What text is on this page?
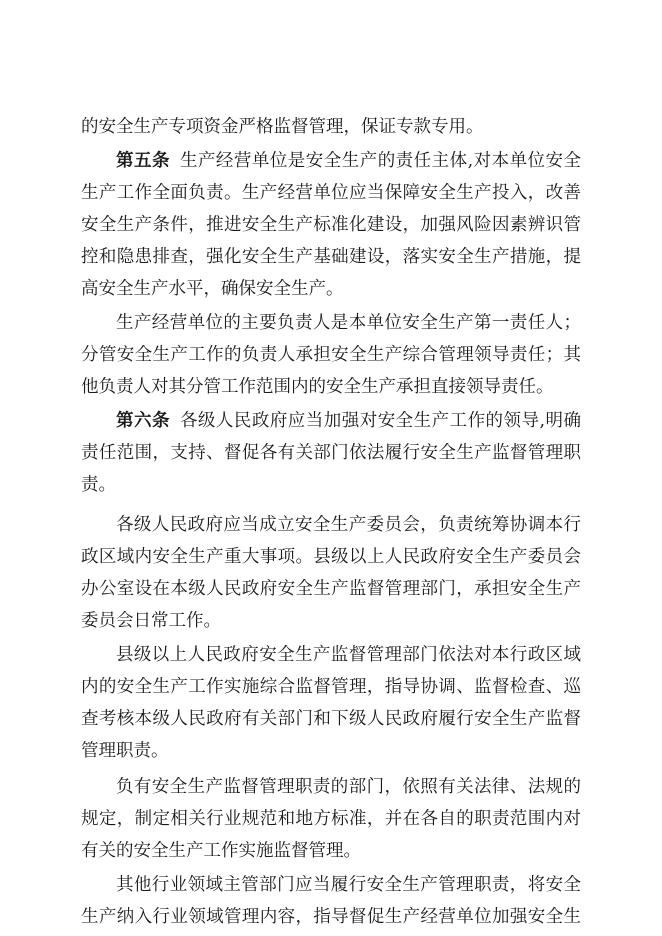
的安全生产专项资金严格监督管理，保证专款专用。
第五条 生产经营单位是安全生产的责任主体,对本单位安全
生产工作全面负责。生产经营单位应当保障安全生产投入，改善
安全生产条件，推进安全生产标准化建设，加强风险因素辨识管
控和隐患排查，强化安全生产基础建设，落实安全生产措施，提
高安全生产水平，确保安全生产。
生产经营单位的主要负责人是本单位安全生产第一责任人；
分管安全生产工作的负责人承担安全生产综合管理领导责任；其
他负责人对其分管工作范围内的安全生产承担直接领导责任。
第六条 各级人民政府应当加强对安全生产工作的领导,明确
责任范围，支持、督促各有关部门依法履行安全生产监督管理职
责。
各级人民政府应当成立安全生产委员会，负责统筹协调本行
政区域内安全生产重大事项。县级以上人民政府安全生产委员会
办公室设在本级人民政府安全生产监督管理部门，承担安全生产
委员会日常工作。
县级以上人民政府安全生产监督管理部门依法对本行政区域
内的安全生产工作实施综合监督管理，指导协调、监督检查、巡
查考核本级人民政府有关部门和下级人民政府履行安全生产监督
管理职责。
负有安全生产监督管理职责的部门，依照有关法律、法规的
规定，制定相关行业规范和地方标准，并在各自的职责范围内对
有关的安全生产工作实施监督管理。
其他行业领域主管部门应当履行安全生产管理职责，将安全
生产纳入行业领域管理内容，指导督促生产经营单位加强安全生
